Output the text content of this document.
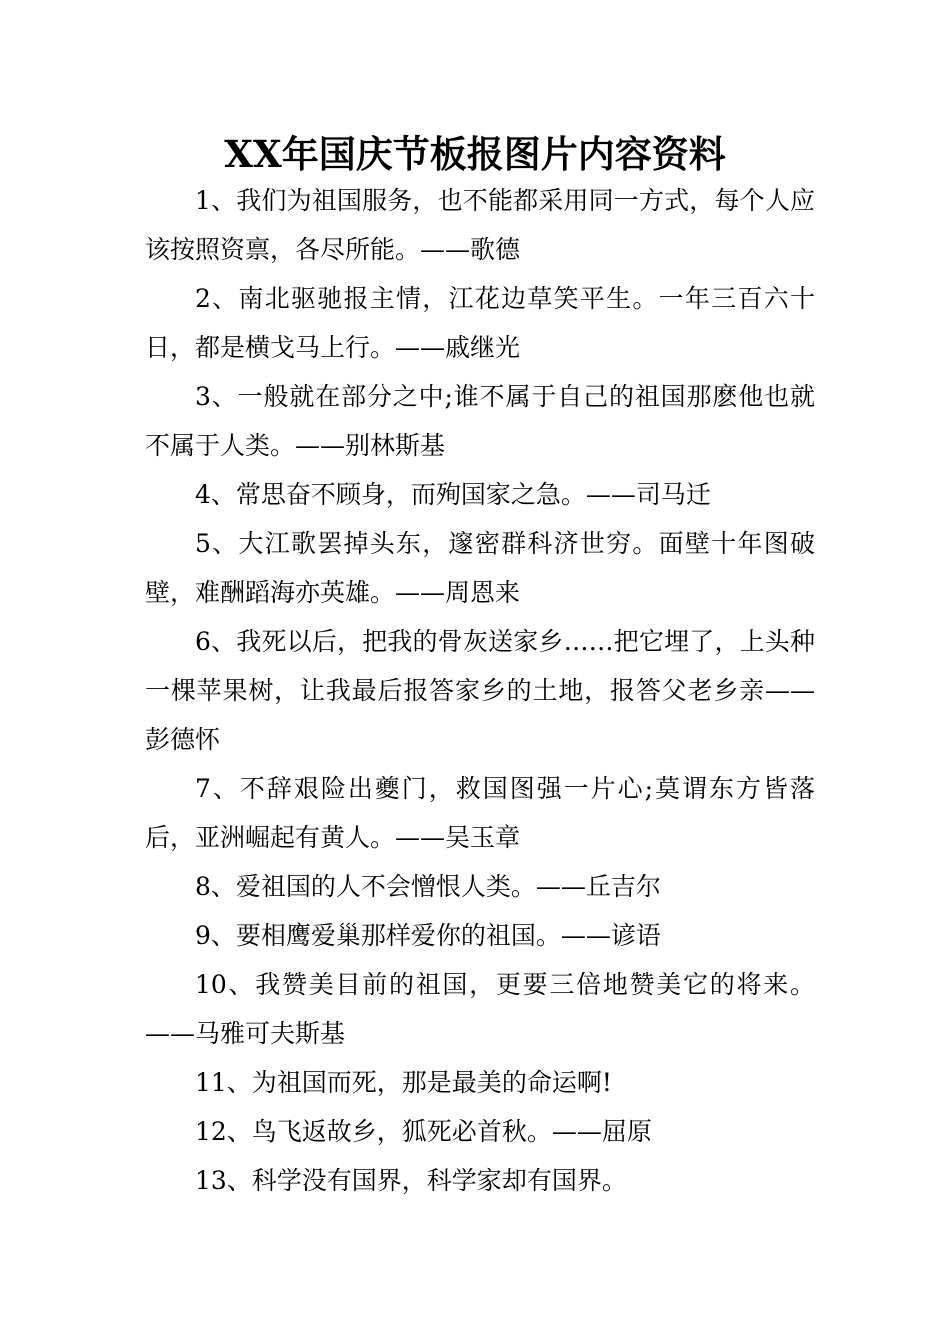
XX年国庆节板报图片内容资料

1、我们为祖国服务，也不能都采用同一方式，每个人应该按照资禀，各尽所能。——歌德

2、南北驱驰报主情，江花边草笑平生。一年三百六十日，都是横戈马上行。——戚继光

3、一般就在部分之中;谁不属于自己的祖国那麽他也就不属于人类。——别林斯基

4、常思奋不顾身，而殉国家之急。——司马迁

5、大江歌罢掉头东，邃密群科济世穷。面壁十年图破壁，难酬蹈海亦英雄。——周恩来

6、我死以后，把我的骨灰送家乡……把它埋了，上头种一棵苹果树，让我最后报答家乡的土地，报答父老乡亲——彭德怀

7、不辞艰险出夔门，救国图强一片心;莫谓东方皆落后，亚洲崛起有黄人。——吴玉章

8、爱祖国的人不会憎恨人类。——丘吉尔

9、要相鹰爱巢那样爱你的祖国。——谚语

10、我赞美目前的祖国，更要三倍地赞美它的将来。——马雅可夫斯基

11、为祖国而死，那是最美的命运啊!

12、鸟飞返故乡，狐死必首秋。——屈原

13、科学没有国界，科学家却有国界。
